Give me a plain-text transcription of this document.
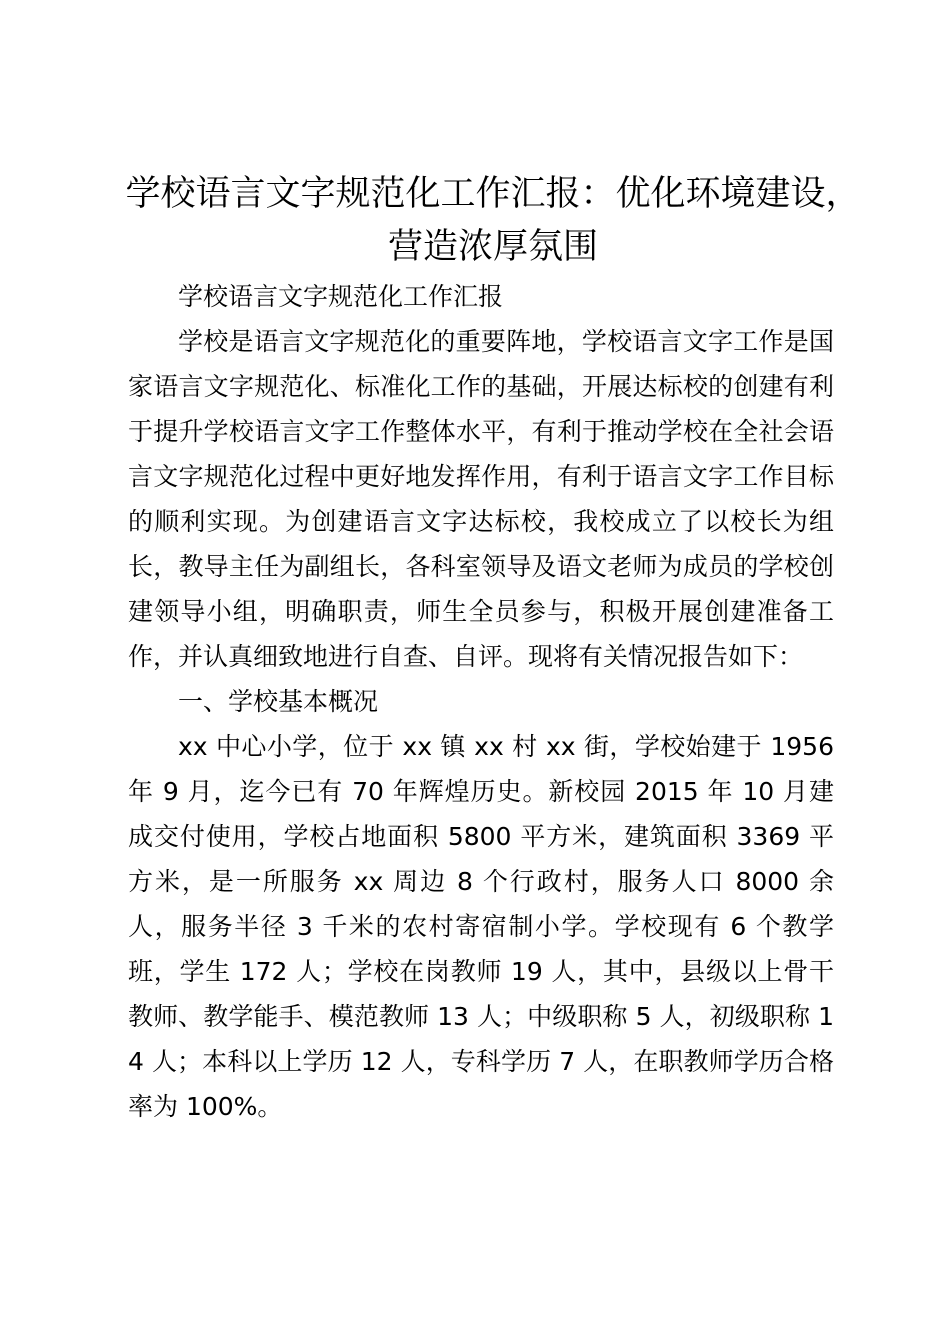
学校语言文字规范化工作汇报：优化环境建设，营造浓厚氛围

学校语言文字规范化工作汇报

学校是语言文字规范化的重要阵地，学校语言文字工作是国家语言文字规范化、标准化工作的基础，开展达标校的创建有利于提升学校语言文字工作整体水平，有利于推动学校在全社会语言文字规范化过程中更好地发挥作用，有利于语言文字工作目标的顺利实现。为创建语言文字达标校，我校成立了以校长为组长，教导主任为副组长，各科室领导及语文老师为成员的学校创建领导小组，明确职责，师生全员参与，积极开展创建准备工作，并认真细致地进行自查、自评。现将有关情况报告如下：

一、学校基本概况

xx 中心小学，位于 xx 镇 xx 村 xx 街，学校始建于 1956 年 9 月，迄今已有 70 年辉煌历史。新校园 2015 年 10 月建成交付使用，学校占地面积 5800 平方米，建筑面积 3369 平方米，是一所服务 xx 周边 8 个行政村，服务人口 8000 余人，服务半径 3 千米的农村寄宿制小学。学校现有 6 个教学班，学生 172 人；学校在岗教师 19 人，其中，县级以上骨干教师、教学能手、模范教师 13 人；中级职称 5 人，初级职称 14 人；本科以上学历 12 人，专科学历 7 人，在职教师学历合格率为 100%。
